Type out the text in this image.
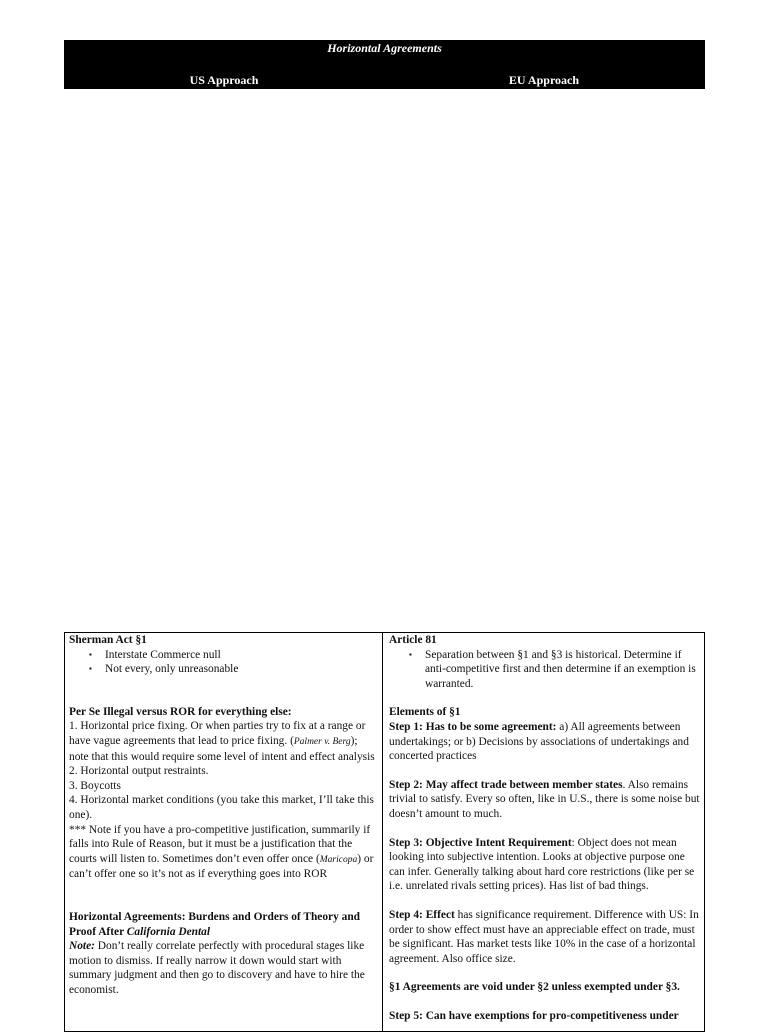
Horizontal Agreements
US Approach	EU Approach

Sherman Act §1

▪ Interstate Commerce null
▪ Not every, only unreasonable

Per Se Illegal versus ROR for everything else:

1. Horizontal price fixing. Or when parties try to fix at a range or have vague agreements that lead to price fixing. (Palmer v. Berg); note that this would require some level of intent and effect analysis

2. Horizontal output restraints.

3. Boycotts

4. Horizontal market conditions (you take this market, I’ll take this one).

*** Note if you have a pro-competitive justification, summarily if falls into Rule of Reason, but it must be a justification that the courts will listen to. Sometimes don’t even offer once (Maricopa) or can’t offer one so it’s not as if everything goes into ROR

Horizontal Agreements: Burdens and Orders of Theory and Proof After California Dental

Note: Don’t really correlate perfectly with procedural stages like motion to dismiss. If really narrow it down would start with summary judgment and then go to discovery and have to hire the economist.

Article 81

▪ Separation between §1 and §3 is historical. Determine if anti-competitive first and then determine if an exemption is warranted.

Elements of §1

Step 1: Has to be some agreement: a) All agreements between undertakings; or b) Decisions by associations of undertakings and concerted practices

Step 2: May affect trade between member states. Also remains trivial to satisfy. Every so often, like in U.S., there is some noise but doesn’t amount to much.

Step 3: Objective Intent Requirement: Object does not mean looking into subjective intention. Looks at objective purpose one can infer. Generally talking about hard core restrictions (like per se i.e. unrelated rivals setting prices). Has list of bad things.

Step 4: Effect has significance requirement. Difference with US: In order to show effect must have an appreciable effect on trade, must be significant. Has market tests like 10% in the case of a horizontal agreement. Also office size.

§1 Agreements are void under §2 unless exempted under §3.

Step 5: Can have exemptions for pro-competitiveness under
